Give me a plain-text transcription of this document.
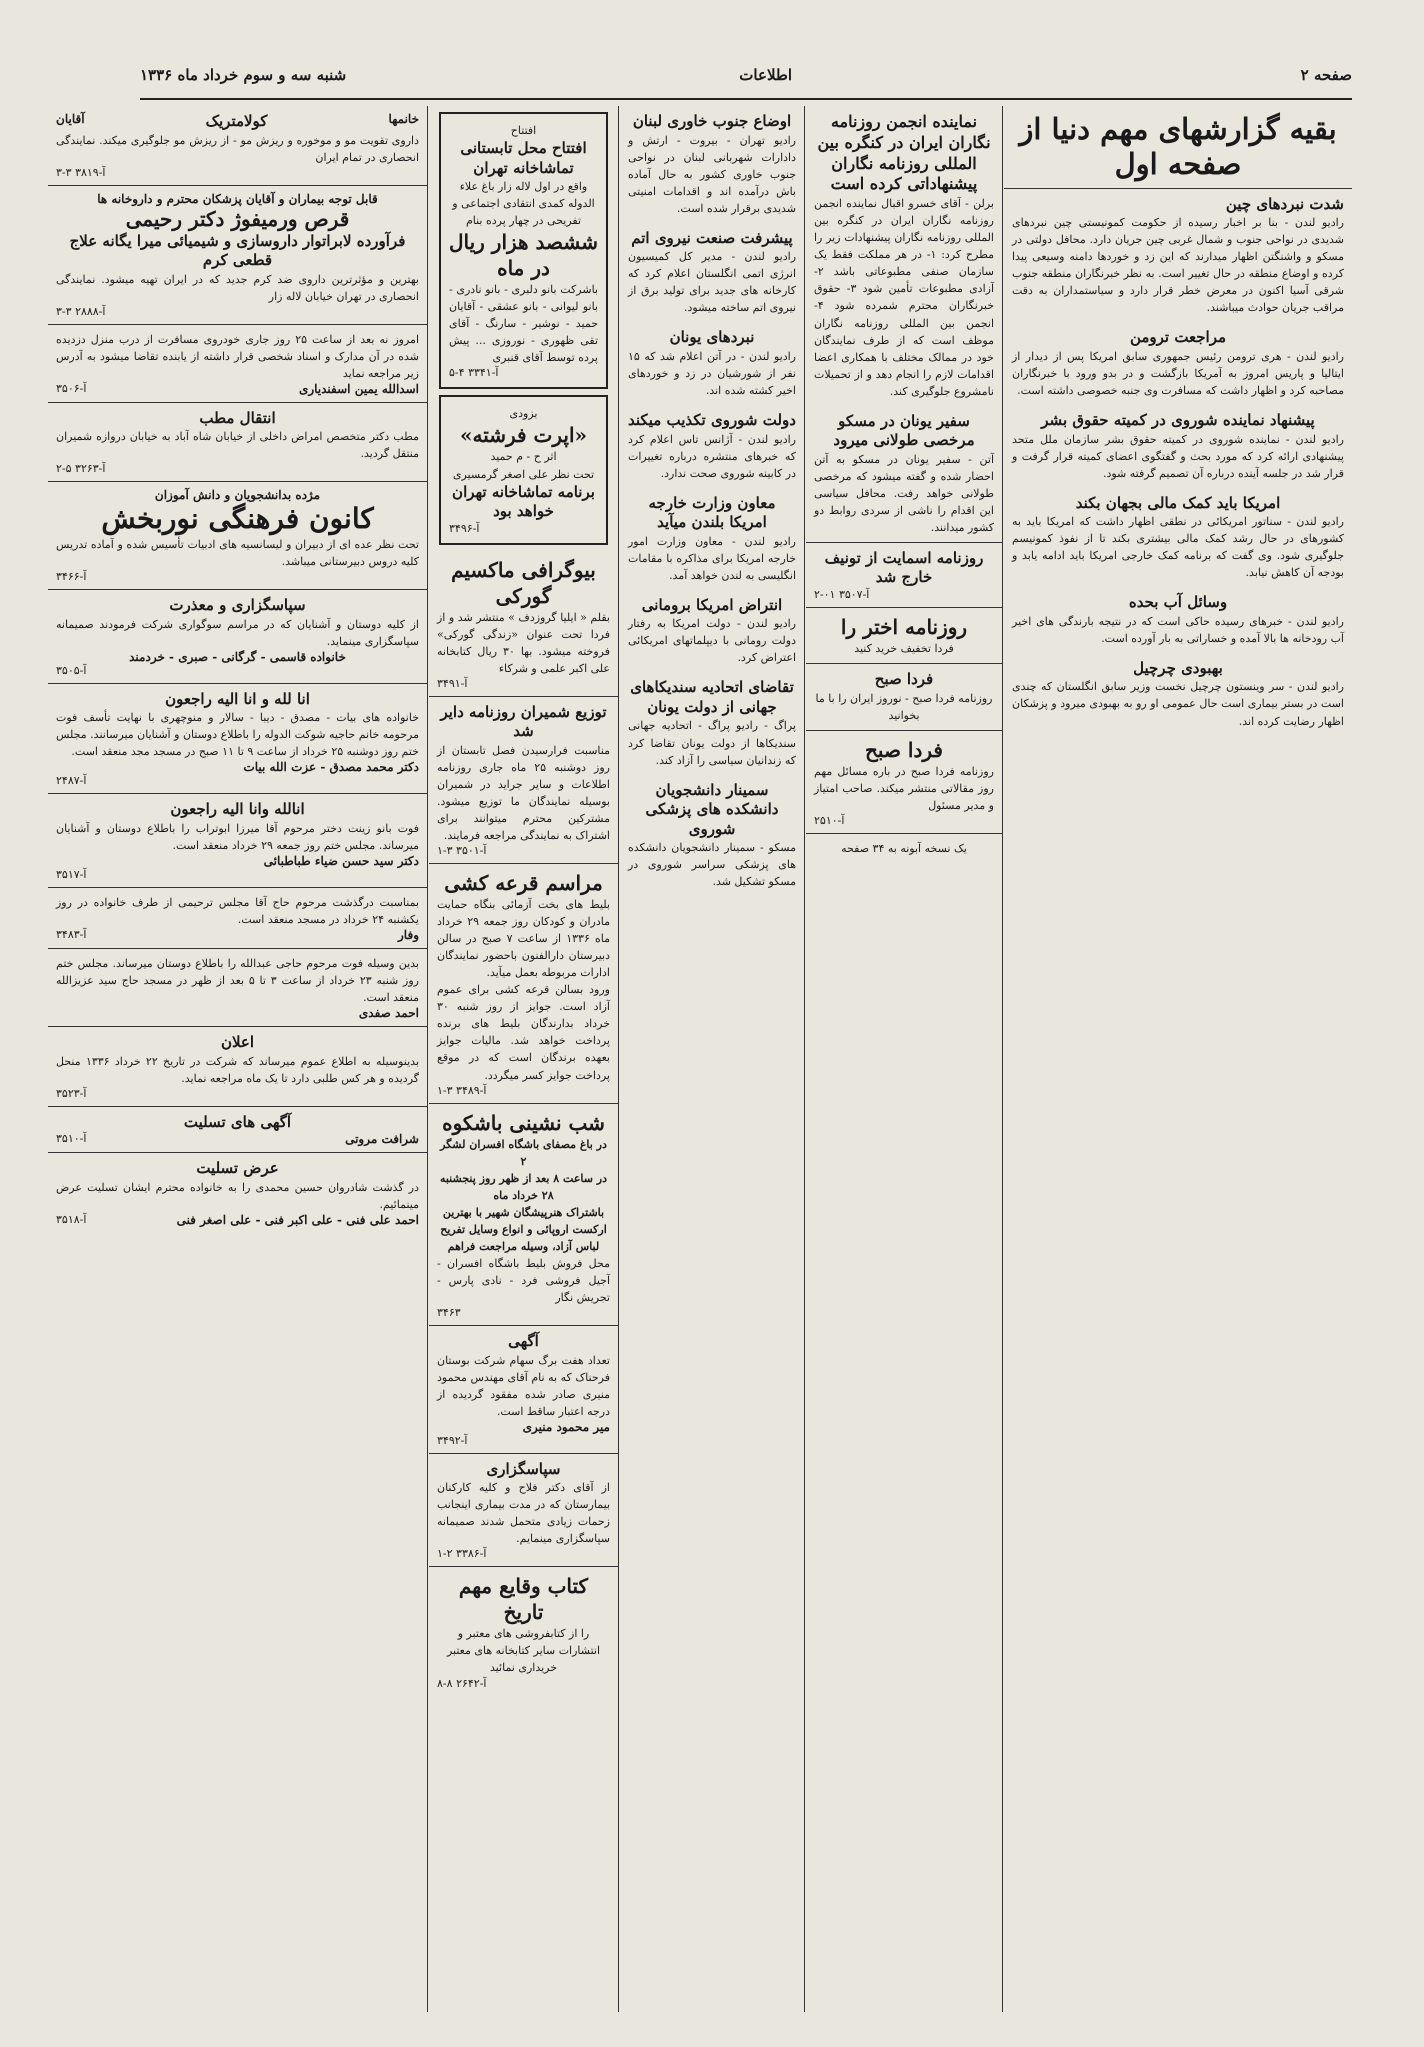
صفحه ۲
اطلاعات
شنبه سه و سوم خرداد ماه ۱۳۳۶
بقیه گزارشهای مهم دنیا از صفحه اول
شدت نبردهای چین
رادیو لندن - بنا بر اخبار رسیده از حکومت کمونیستی چین نبردهای شدیدی در نواحی جنوب و شمال غربی چین جریان دارد. محافل دولتی در مسکو و واشنگتن اظهار میدارند که این زد و خوردها دامنه وسیعی پیدا کرده و اوضاع منطقه در حال تغییر است. به نظر خبرنگاران منطقه جنوب شرقی آسیا اکنون در معرض خطر قرار دارد و سیاستمداران به دقت مراقب جریان حوادث میباشند.
مراجعت ترومن
رادیو لندن - هری ترومن رئیس جمهوری سابق امریکا پس از دیدار از ایتالیا و پاریس امروز به آمریکا بازگشت و در بدو ورود با خبرنگاران مصاحبه کرد و اظهار داشت که مسافرت وی جنبه خصوصی داشته است.
پیشنهاد نماینده شوروی در کمیته حقوق بشر
رادیو لندن - نماینده شوروی در کمیته حقوق بشر سازمان ملل متحد پیشنهادی ارائه کرد که مورد بحث و گفتگوی اعضای کمیته قرار گرفت و قرار شد در جلسه آینده درباره آن تصمیم گرفته شود.
امریکا باید کمک مالی بجهان بکند
رادیو لندن - سناتور امریکائی در نطقی اظهار داشت که امریکا باید به کشورهای در حال رشد کمک مالی بیشتری بکند تا از نفوذ کمونیسم جلوگیری شود. وی گفت که برنامه کمک خارجی امریکا باید ادامه یابد و بودجه آن کاهش نیابد.
وسائل آب بحده
رادیو لندن - خبرهای رسیده حاکی است که در نتیجه بارندگی های اخیر آب رودخانه ها بالا آمده و خساراتی به بار آورده است.
بهبودی چرچیل
رادیو لندن - سر وینستون چرچیل نخست وزیر سابق انگلستان که چندی است در بستر بیماری است حال عمومی او رو به بهبودی میرود و پزشکان اظهار رضایت کرده اند.
نماینده انجمن روزنامه نگاران ایران در کنگره بین المللی روزنامه نگاران پیشنهاداتی کرده است
برلن - آقای خسرو اقبال نماینده انجمن روزنامه نگاران ایران در کنگره بین المللی روزنامه نگاران پیشنهادات زیر را مطرح کرد: ۱- در هر مملکت فقط یک سازمان صنفی مطبوعاتی باشد ۲- آزادی مطبوعات تأمین شود ۳- حقوق خبرنگاران محترم شمرده شود ۴- انجمن بین المللی روزنامه نگاران موظف است که از طرف نمایندگان خود در ممالک مختلف با همکاری اعضا اقدامات لازم را انجام دهد و از تحمیلات نامشروع جلوگیری کند.
سفیر یونان در مسکو مرخصی طولانی میرود
آتن - سفیر یونان در مسکو به آتن احضار شده و گفته میشود که مرخصی طولانی خواهد رفت. محافل سیاسی این اقدام را ناشی از سردی روابط دو کشور میدانند.
روزنامه اسمایت از تونیف خارج شد
۲-۰۱ آ-۳۵۰۷
روزنامه اختر را
فردا تخفیف خرید کنید
فردا صبح
روزنامه فردا صبح - نوروز ایران را با ما بخوانید
فردا صبح
روزنامه فردا صبح در باره مسائل مهم روز مقالاتی منتشر میکند. صاحب امتیاز و مدیر مسئول
آ-۲۵۱۰
یک نسخه آبونه به ۳۴ صفحه
اوضاع جنوب خاوری لبنان
رادیو تهران - بیروت - ارتش و دادارات شهربانی لبنان در نواحی جنوب خاوری کشور به حال آماده باش درآمده اند و اقدامات امنیتی شدیدی برقرار شده است.
پیشرفت صنعت نیروی اتم
رادیو لندن - مدیر کل کمیسیون انرژی اتمی انگلستان اعلام کرد که کارخانه های جدید برای تولید برق از نیروی اتم ساخته میشود.
نبردهای یونان
رادیو لندن - در آتن اعلام شد که ۱۵ نفر از شورشیان در زد و خوردهای اخیر کشته شده اند.
دولت شوروی تکذیب میکند
رادیو لندن - آژانس تاس اعلام کرد که خبرهای منتشره درباره تغییرات در کابینه شوروی صحت ندارد.
معاون وزارت خارجه امریکا بلندن میآید
رادیو لندن - معاون وزارت امور خارجه امریکا برای مذاکره با مقامات انگلیسی به لندن خواهد آمد.
انتراض امریکا برومانی
رادیو لندن - دولت امریکا به رفتار دولت رومانی با دیپلماتهای امریکائی اعتراض کرد.
تقاضای اتحادیه سندیکاهای جهانی از دولت یونان
پراگ - رادیو پراگ - اتحادیه جهانی سندیکاها از دولت یونان تقاضا کرد که زندانیان سیاسی را آزاد کند.
سمینار دانشجویان دانشکده های پزشکی شوروی
مسکو - سمینار دانشجویان دانشکده های پزشکی سراسر شوروی در مسکو تشکیل شد.
افتتاح
افتتاح محل تابستانی تماشاخانه تهران
واقع در اول لاله زار باغ علاء الدوله کمدی انتقادی اجتماعی و تفریحی در چهار پرده بنام
ششصد هزار ریال در ماه
باشرکت بانو دلبری - بانو نادری - بانو لیوانی - بانو عشقی - آقایان حمید - نوشیر - سارنگ - آقای تقی ظهوری - نوروزی ... پیش پرده توسط آقای قنبری
آ-۳۳۴۱ ۴-۵
بزودی
«اپرت فرشته»
اثر ح - م حمید
تحت نظر علی اصغر گرمسیری
برنامه تماشاخانه تهران خواهد بود
آ-۳۴۹۶
بیوگرافی ماکسیم گورکی
بقلم « ایلیا گروزدف » منتشر شد و از فردا تحت عنوان «زندگی گورکی» فروخته میشود. بها ۳۰ ریال کتابخانه علی اکبر علمی و شرکاء
آ-۳۴۹۱
توزیع شمیران روزنامه دایر شد
مناسبت فرارسیدن فصل تابستان از روز دوشنبه ۲۵ ماه جاری روزنامه اطلاعات و سایر جراید در شمیران بوسیله نمایندگان ما توزیع میشود. مشترکین محترم میتوانند برای اشتراک به نمایندگی مراجعه فرمایند.
۱-۳ آ-۳۵۰۱
مراسم قرعه کشی
بلیط های بخت آزمائی بنگاه حمایت مادران و کودکان روز جمعه ۲۹ خرداد ماه ۱۳۳۶ از ساعت ۷ صبح در سالن دبیرستان دارالفنون باحضور نمایندگان ادارات مربوطه بعمل میآید.
ورود بسالن قرعه کشی برای عموم آزاد است. جوایز از روز شنبه ۳۰ خرداد بدارندگان بلیط های برنده پرداخت خواهد شد. مالیات جوایز بعهده برندگان است که در موقع پرداخت جوایز کسر میگردد.
۱-۳ آ-۳۴۸۹
شب نشینی باشکوه
در باغ مصفای باشگاه افسران لشگر ۲
در ساعت ۸ بعد از ظهر روز پنجشنبه
۲۸ خرداد ماه
باشتراک هنرپیشگان شهیر با بهترین
ارکست اروپائی و انواع وسایل تفریح
لباس آزاد، وسیله مراجعت فراهم
محل فروش بلیط باشگاه افسران - آجیل فروشی فرد - نادی پارس - تجریش نگار
۳۴۶۳
آگهی
تعداد هفت برگ سهام شرکت بوستان فرحناک که به نام آقای مهندس محمود منیری صادر شده مفقود گردیده از درجه اعتبار ساقط است.
میر محمود منیری
آ-۳۴۹۲
سپاسگزاری
از آقای دکتر فلاح و کلیه کارکنان بیمارستان که در مدت بیماری اینجانب زحمات زیادی متحمل شدند صمیمانه سپاسگزاری مینمایم.
۱-۲ آ-۳۳۸۶
کتاب وقایع مهم تاریخ
را از کتابفروشی های معتبر و انتشارات سایر کتابخانه های معتبر خریداری نمائید
آ-۲۶۴۲ ۸-۸
خانمها
کولامتریک
آقایان
داروی تقویت مو و موخوره و ریزش مو - از ریزش مو جلوگیری میکند. نمایندگی انحصاری در تمام ایران
آ-۳۸۱۹ ۳-۳
قابل توجه بیماران و آقایان پزشکان محترم و داروخانه ها
قرص ورمیفوژ دکتر رحیمی
فرآورده لابراتوار داروسازی و شیمیائی میرا یگانه علاج قطعی کرم
بهترین و مؤثرترین داروی ضد کرم جدید که در ایران تهیه میشود. نمایندگی انحصاری در تهران خیابان لاله زار
آ-۲۸۸۸ ۳-۳
امروز نه بعد از ساعت ۲۵ روز جاری خودروی مسافرت از درب منزل دزدیده شده در آن مدارک و اسناد شخصی قرار داشته از یابنده تقاضا میشود به آدرس زیر مراجعه نماید
اسدالله یمین اسفندیاری
آ-۳۵۰۶
انتقال مطب
مطب دکتر متخصص امراض داخلی از خیابان شاه آباد به خیابان دروازه شمیران منتقل گردید.
۲-۵ آ-۳۲۶۳
مژده بدانشجویان و دانش آموزان
کانون فرهنگی نوربخش
تحت نظر عده ای از دبیران و لیسانسیه های ادبیات تأسیس شده و آماده تدریس کلیه دروس دبیرستانی میباشد.
آ-۳۴۶۶
سپاسگزاری و معذرت
از کلیه دوستان و آشنایان که در مراسم سوگواری شرکت فرمودند صمیمانه سپاسگزاری مینماید.
خانواده قاسمی - گرگانی - صبری - خردمند
آ-۳۵۰۵
انا لله و انا الیه راجعون
خانواده های بیات - مصدق - دیبا - سالار و منوچهری با نهایت تأسف فوت مرحومه خانم حاجیه شوکت الدوله را باطلاع دوستان و آشنایان میرسانند. مجلس ختم روز دوشنبه ۲۵ خرداد از ساعت ۹ تا ۱۱ صبح در مسجد مجد منعقد است.
دکتر محمد مصدق - عزت الله بیات
آ-۲۴۸۷
انالله وانا الیه راجعون
فوت بانو زینت دختر مرحوم آقا میرزا ابوتراب را باطلاع دوستان و آشنایان میرساند. مجلس ختم روز جمعه ۲۹ خرداد منعقد است.
دکتر سید حسن ضیاء طباطبائی
آ-۳۵۱۷
بمناسبت درگذشت مرحوم حاج آقا مجلس ترحیمی از طرف خانواده در روز یکشنبه ۲۴ خرداد در مسجد منعقد است.
وفار
آ-۳۴۸۳
بدین وسیله فوت مرحوم حاجی عبدالله را باطلاع دوستان میرساند. مجلس ختم روز شنبه ۲۳ خرداد از ساعت ۳ تا ۵ بعد از ظهر در مسجد حاج سید عزیزالله منعقد است.
احمد صفدی
اعلان
بدینوسیله به اطلاع عموم میرساند که شرکت در تاریخ ۲۲ خرداد ۱۳۳۶ منحل گردیده و هر کس طلبی دارد تا یک ماه مراجعه نماید.
آ-۳۵۲۳
آگهی های تسلیت
شرافت مروتی
آ-۳۵۱۰
عرض تسلیت
در گذشت شادروان حسین محمدی را به خانواده محترم ایشان تسلیت عرض مینمائیم.
احمد علی فنی - علی اکبر فنی - علی اصغر فنی
آ-۳۵۱۸
